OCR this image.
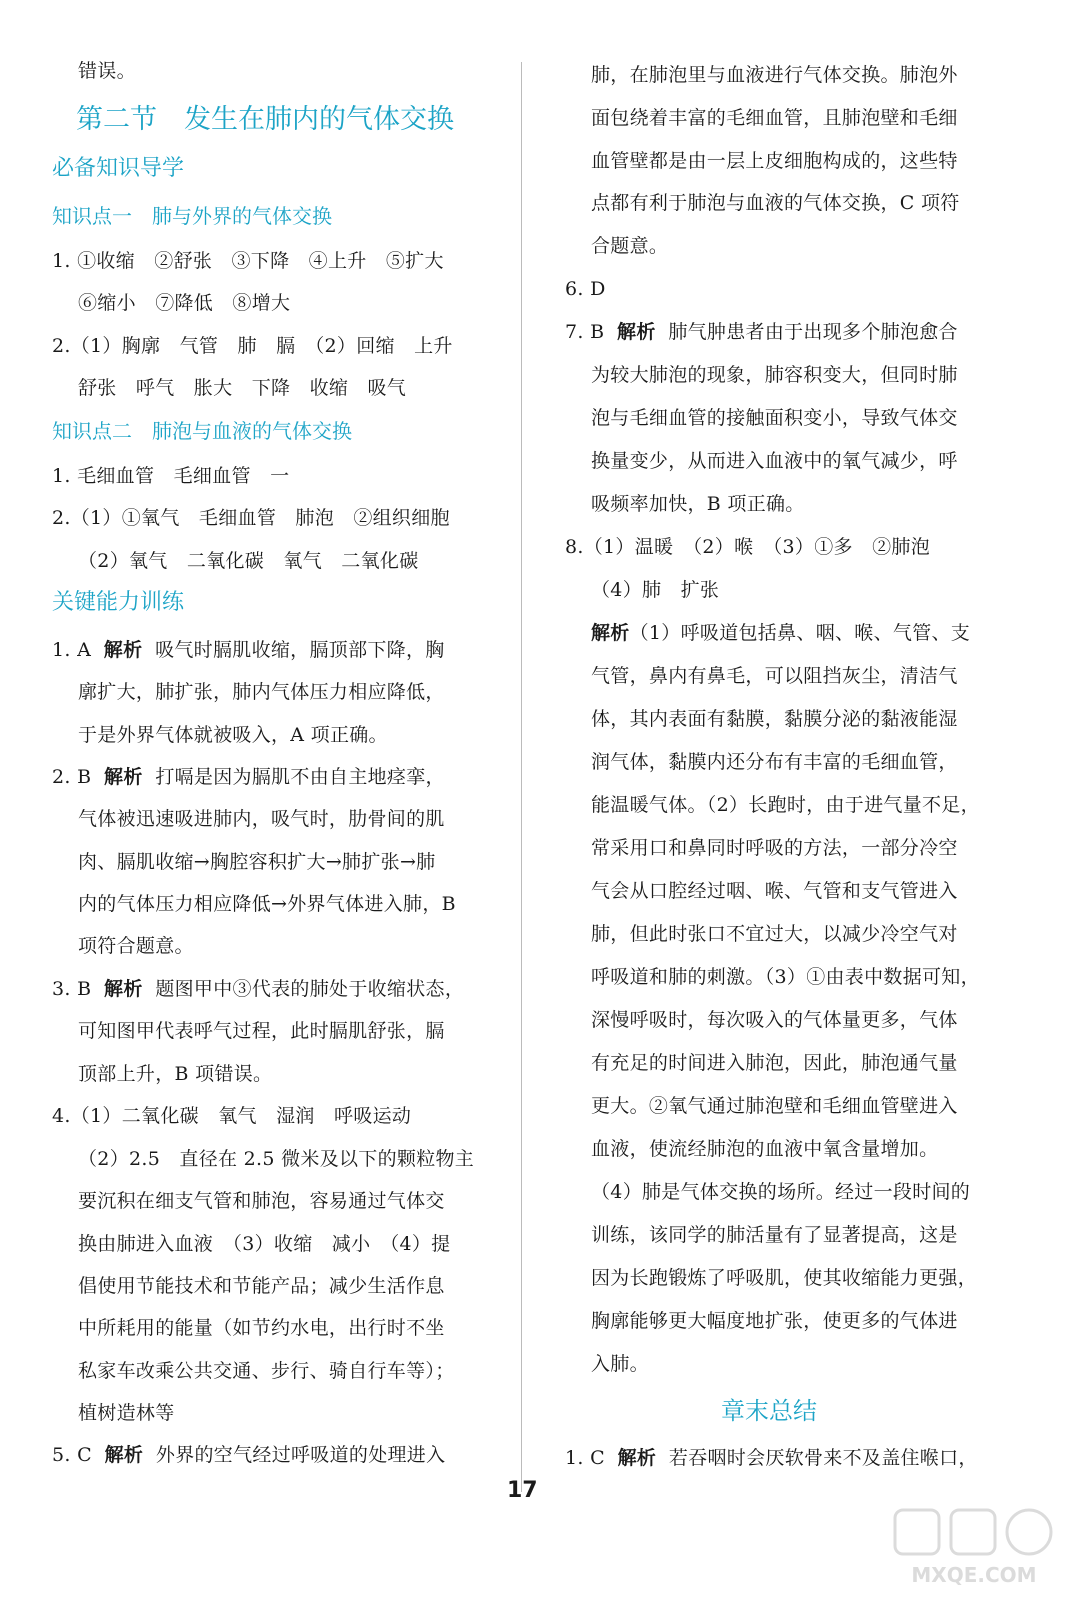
错误。
第二节　发生在肺内的气体交换
必备知识导学
知识点一　肺与外界的气体交换
1. ①收缩　②舒张　③下降　④上升　⑤扩大
⑥缩小　⑦降低　⑧增大
2.（1）胸廓　气管　肺　膈　（2）回缩　上升
舒张　呼气　胀大　下降　收缩　吸气
知识点二　肺泡与血液的气体交换
1. 毛细血管　毛细血管　一
2.（1）①氧气　毛细血管　肺泡　②组织细胞
（2）氧气　二氧化碳　氧气　二氧化碳
关键能力训练
1. A 解析 吸气时膈肌收缩，膈顶部下降，胸
廓扩大，肺扩张，肺内气体压力相应降低，
于是外界气体就被吸入，A 项正确。
2. B 解析 打嗝是因为膈肌不由自主地痉挛，
气体被迅速吸进肺内，吸气时，肋骨间的肌
肉、膈肌收缩→胸腔容积扩大→肺扩张→肺
内的气体压力相应降低→外界气体进入肺，B
项符合题意。
3. B 解析 题图甲中③代表的肺处于收缩状态，
可知图甲代表呼气过程，此时膈肌舒张，膈
顶部上升，B 项错误。
4.（1）二氧化碳　氧气　湿润　呼吸运动
（2）2.5　直径在 2.5 微米及以下的颗粒物主
要沉积在细支气管和肺泡，容易通过气体交
换由肺进入血液　（3）收缩　减小　（4）提
倡使用节能技术和节能产品；减少生活作息
中所耗用的能量（如节约水电，出行时不坐
私家车改乘公共交通、步行、骑自行车等）；
植树造林等
5. C 解析 外界的空气经过呼吸道的处理进入
肺，在肺泡里与血液进行气体交换。肺泡外
面包绕着丰富的毛细血管，且肺泡壁和毛细
血管壁都是由一层上皮细胞构成的，这些特
点都有利于肺泡与血液的气体交换，C 项符
合题意。
6. D
7. B 解析 肺气肿患者由于出现多个肺泡愈合
为较大肺泡的现象，肺容积变大，但同时肺
泡与毛细血管的接触面积变小，导致气体交
换量变少，从而进入血液中的氧气减少，呼
吸频率加快，B 项正确。
8.（1）温暖　（2）喉　（3）①多　②肺泡
（4）肺　扩张
解析（1）呼吸道包括鼻、咽、喉、气管、支
气管，鼻内有鼻毛，可以阻挡灰尘，清洁气
体，其内表面有黏膜，黏膜分泌的黏液能湿
润气体，黏膜内还分布有丰富的毛细血管，
能温暖气体。（2）长跑时，由于进气量不足，
常采用口和鼻同时呼吸的方法，一部分冷空
气会从口腔经过咽、喉、气管和支气管进入
肺，但此时张口不宜过大，以减少冷空气对
呼吸道和肺的刺激。（3）①由表中数据可知，
深慢呼吸时，每次吸入的气体量更多，气体
有充足的时间进入肺泡，因此，肺泡通气量
更大。②氧气通过肺泡壁和毛细血管壁进入
血液，使流经肺泡的血液中氧含量增加。
（4）肺是气体交换的场所。经过一段时间的
训练，该同学的肺活量有了显著提高，这是
因为长跑锻炼了呼吸肌，使其收缩能力更强，
胸廓能够更大幅度地扩张，使更多的气体进
入肺。
章末总结
1. C 解析 若吞咽时会厌软骨来不及盖住喉口，
17
MXQE.COM
